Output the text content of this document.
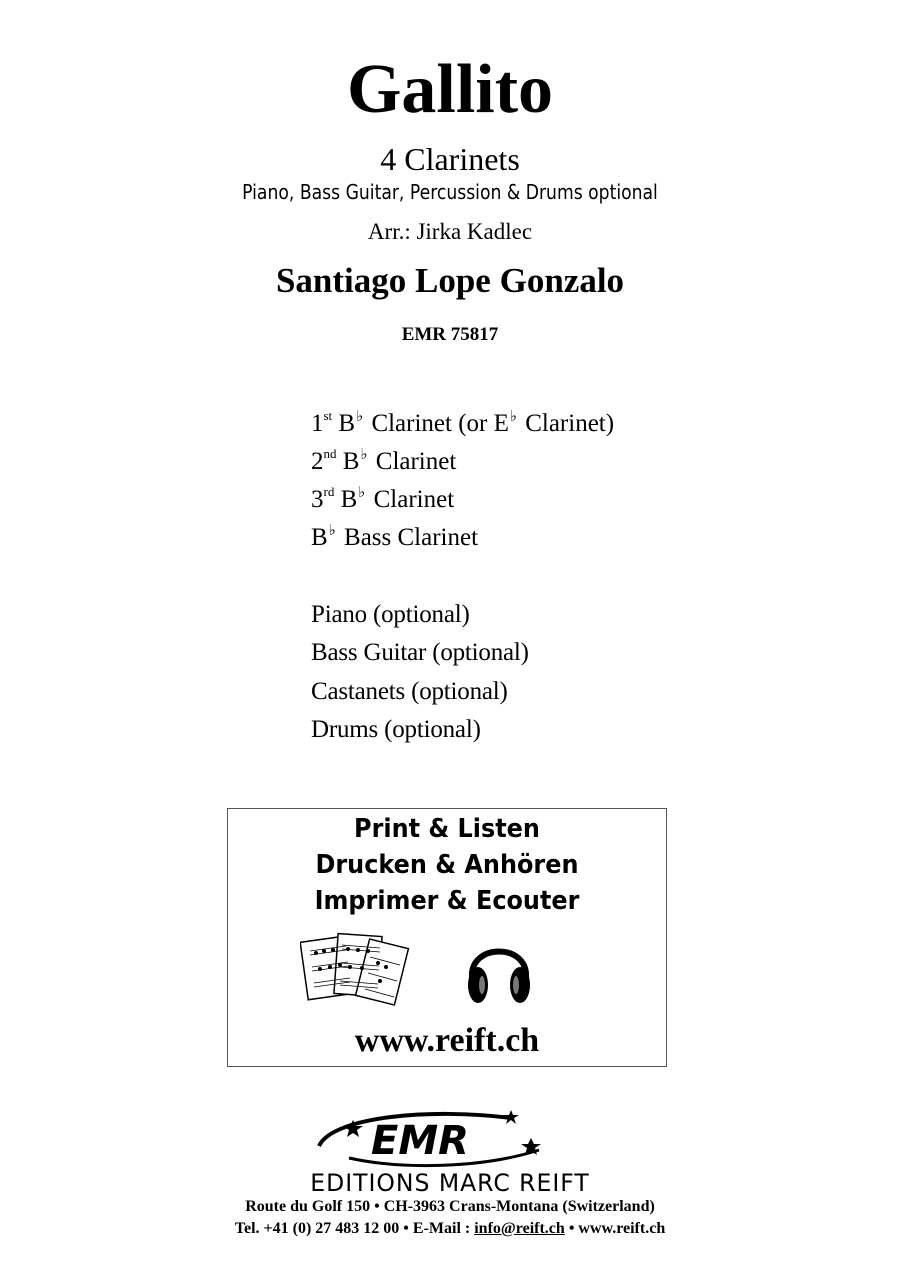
Gallito
4 Clarinets
Piano, Bass Guitar, Percussion & Drums optional
Arr.: Jirka Kadlec
Santiago Lope Gonzalo
EMR 75817
1st B♭ Clarinet (or E♭ Clarinet)
2nd B♭ Clarinet
3rd B♭ Clarinet
B♭ Bass Clarinet
Piano (optional)
Bass Guitar (optional)
Castanets (optional)
Drums (optional)
Print & Listen
Drucken & Anhören
Imprimer & Ecouter
www.reift.ch
EMR
EDITIONS MARC REIFT
Route du Golf 150 • CH-3963 Crans-Montana (Switzerland)
Tel. +41 (0) 27 483 12 00 • E-Mail : info@reift.ch • www.reift.ch
